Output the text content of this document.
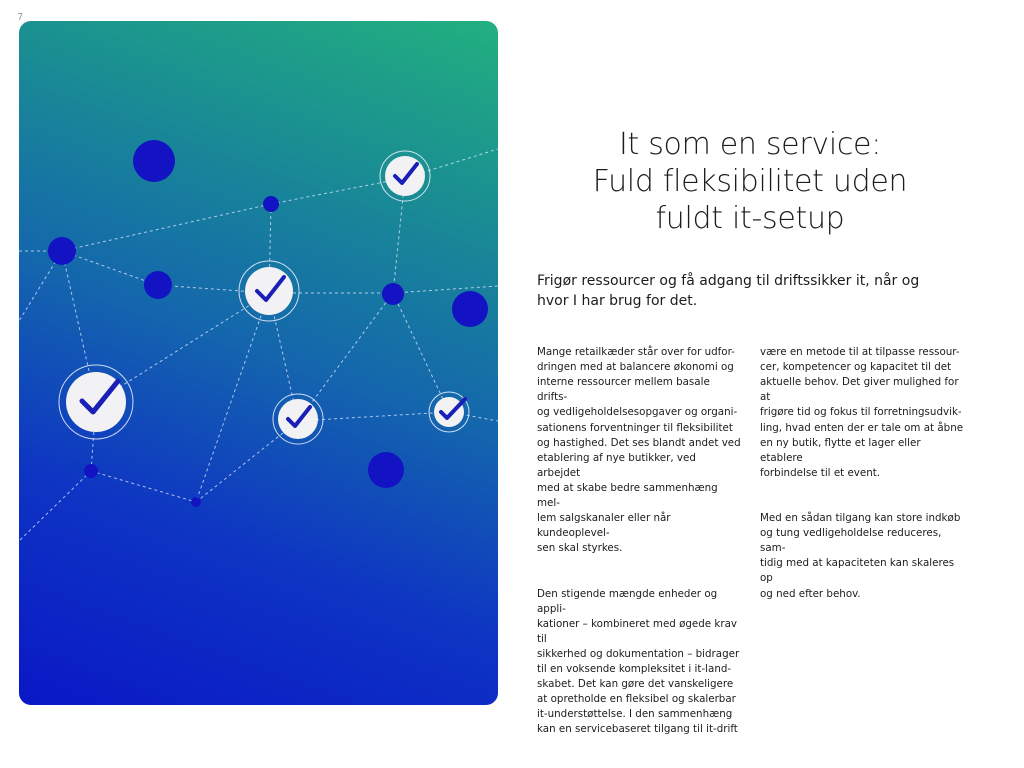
7
It som en service:
Fuld fleksibilitet uden
fuldt it-setup
Frigør ressourcer og få adgang til driftssikker it, når og hvor I har brug for det.

Mange retailkæder står over for udfor-
dringen med at balancere økonomi og
interne ressourcer mellem basale drifts-
og vedligeholdelsesopgaver og organi-
sationens forventninger til fleksibilitet
og hastighed. Det ses blandt andet ved
etablering af nye butikker, ved arbejdet
med at skabe bedre sammenhæng mel-
lem salgskanaler eller når kundeoplevel-
sen skal styrkes.

Den stigende mængde enheder og appli-
kationer – kombineret med øgede krav til
sikkerhed og dokumentation – bidrager
til en voksende kompleksitet i it-land-
skabet. Det kan gøre det vanskeligere
at opretholde en fleksibel og skalerbar
it-understøttelse. I den sammenhæng
kan en servicebaseret tilgang til it-drift

være en metode til at tilpasse ressour-
cer, kompetencer og kapacitet til det
aktuelle behov. Det giver mulighed for at
frigøre tid og fokus til forretningsudvik-
ling, hvad enten der er tale om at åbne
en ny butik, flytte et lager eller etablere
forbindelse til et event.

Med en sådan tilgang kan store indkøb
og tung vedligeholdelse reduceres, sam-
tidig med at kapaciteten kan skaleres op
og ned efter behov.
